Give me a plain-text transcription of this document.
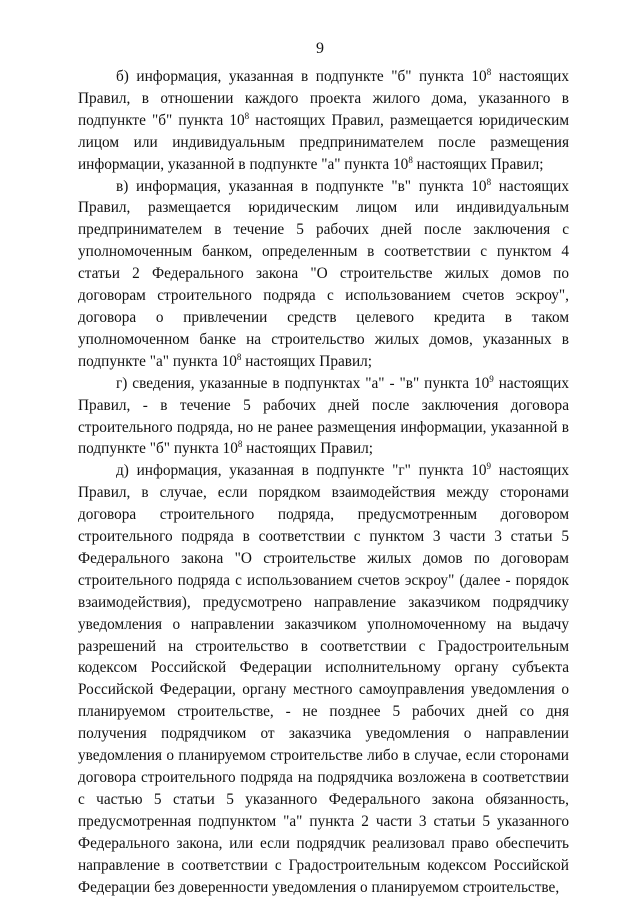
9

б) информация, указанная в подпункте "б" пункта $10^8$ настоящих Правил, в отношении каждого проекта жилого дома, указанного в подпункте "б" пункта $10^8$ настоящих Правил, размещается юридическим лицом или индивидуальным предпринимателем после размещения информации, указанной в подпункте "а" пункта $10^8$ настоящих Правил;

в) информация, указанная в подпункте "в" пункта $10^8$ настоящих Правил, размещается юридическим лицом или индивидуальным предпринимателем в течение 5 рабочих дней после заключения с уполномоченным банком, определенным в соответствии с пунктом 4 статьи 2 Федерального закона "О строительстве жилых домов по договорам строительного подряда с использованием счетов эскроу", договора о привлечении средств целевого кредита в таком уполномоченном банке на строительство жилых домов, указанных в подпункте "а" пункта $10^8$ настоящих Правил;

г) сведения, указанные в подпунктах "а" - "в" пункта $10^9$ настоящих Правил, - в течение 5 рабочих дней после заключения договора строительного подряда, но не ранее размещения информации, указанной в подпункте "б" пункта $10^8$ настоящих Правил;

д) информация, указанная в подпункте "г" пункта $10^9$ настоящих Правил, в случае, если порядком взаимодействия между сторонами договора строительного подряда, предусмотренным договором строительного подряда в соответствии с пунктом 3 части 3 статьи 5 Федерального закона "О строительстве жилых домов по договорам строительного подряда с использованием счетов эскроу" (далее - порядок взаимодействия), предусмотрено направление заказчиком подрядчику уведомления о направлении заказчиком уполномоченному на выдачу разрешений на строительство в соответствии с Градостроительным кодексом Российской Федерации исполнительному органу субъекта Российской Федерации, органу местного самоуправления уведомления о планируемом строительстве, - не позднее 5 рабочих дней со дня получения подрядчиком от заказчика уведомления о направлении уведомления о планируемом строительстве либо в случае, если сторонами договора строительного подряда на подрядчика возложена в соответствии с частью 5 статьи 5 указанного Федерального закона обязанность, предусмотренная подпунктом "а" пункта 2 части 3 статьи 5 указанного Федерального закона, или если подрядчик реализовал право обеспечить направление в соответствии с Градостроительным кодексом Российской Федерации без доверенности уведомления о планируемом строительстве,
